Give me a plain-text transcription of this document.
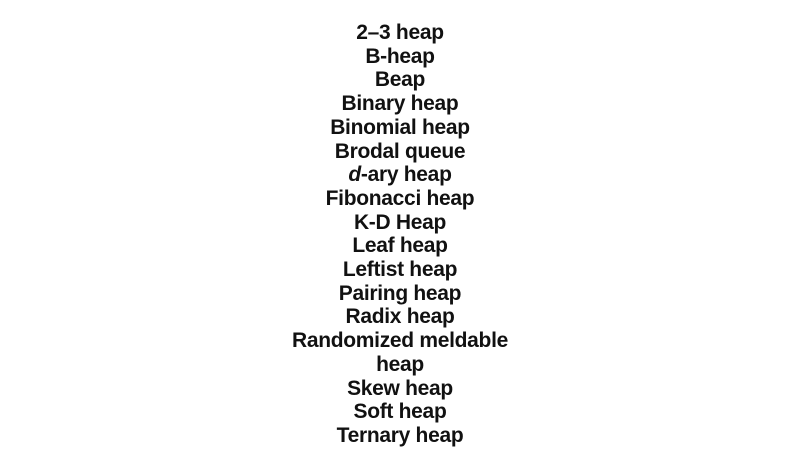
2–3 heap
B-heap
Beap
Binary heap
Binomial heap
Brodal queue
d-ary heap
Fibonacci heap
K-D Heap
Leaf heap
Leftist heap
Pairing heap
Radix heap
Randomized meldable
heap
Skew heap
Soft heap
Ternary heap
